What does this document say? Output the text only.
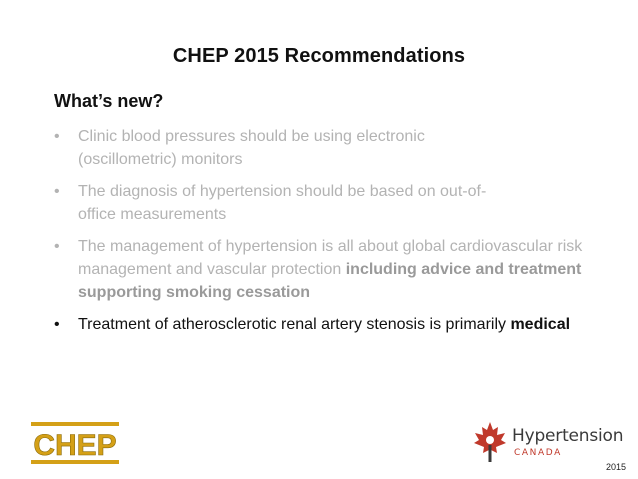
CHEP 2015 Recommendations
What’s new?
• Clinic blood pressures should be using electronic
(oscillometric) monitors
• The diagnosis of hypertension should be based on out-of-
office measurements
• The management of hypertension is all about global cardiovascular risk management and vascular protection including advice and treatment supporting smoking cessation
• Treatment of atherosclerotic renal artery stenosis is primarily medical
CHEP	Hypertension
CANADA
2015
